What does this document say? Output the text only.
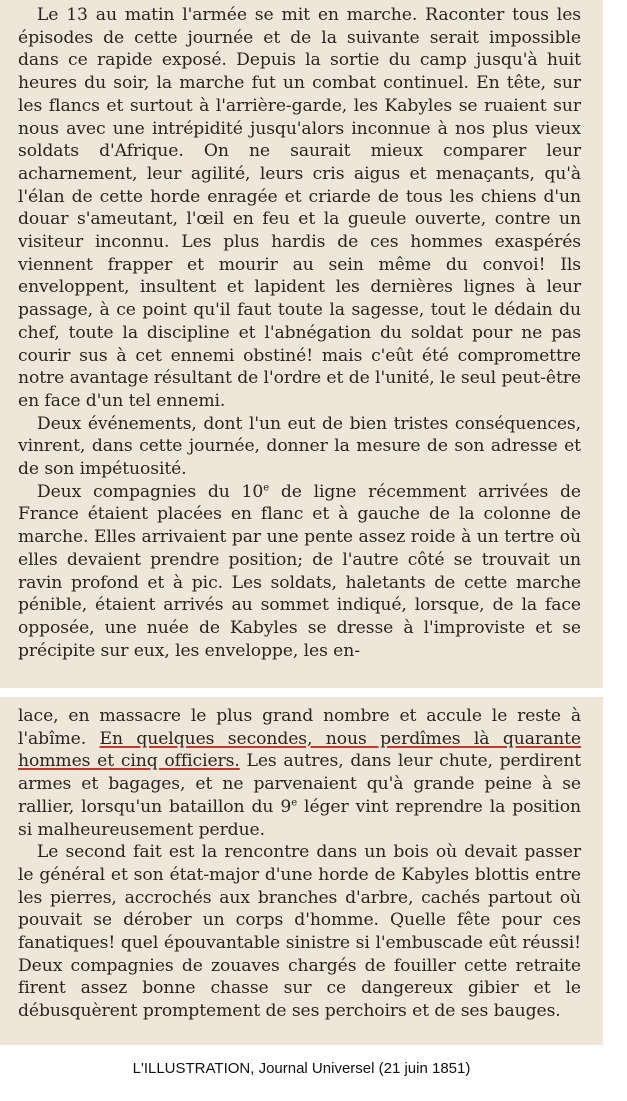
Le 13 au matin l'armée se mit en marche. Raconter tous les épisodes de cette journée et de la suivante serait impossible dans ce rapide exposé. Depuis la sortie du camp jusqu'à huit heures du soir, la marche fut un combat continuel. En tête, sur les flancs et surtout à l'arrière-garde, les Kabyles se ruaient sur nous avec une intrépidité jusqu'alors inconnue à nos plus vieux soldats d'Afrique. On ne saurait mieux comparer leur acharnement, leur agilité, leurs cris aigus et menaçants, qu'à l'élan de cette horde enragée et criarde de tous les chiens d'un douar s'ameutant, l'œil en feu et la gueule ouverte, contre un visiteur inconnu. Les plus hardis de ces hommes exaspérés viennent frapper et mourir au sein même du convoi! Ils enveloppent, insultent et lapident les dernières lignes à leur passage, à ce point qu'il faut toute la sagesse, tout le dédain du chef, toute la discipline et l'abnégation du soldat pour ne pas courir sus à cet ennemi obstiné! mais c'eût été compromettre notre avantage résultant de l'ordre et de l'unité, le seul peut-être en face d'un tel ennemi.

Deux événements, dont l'un eut de bien tristes conséquences, vinrent, dans cette journée, donner la mesure de son adresse et de son impétuosité.

Deux compagnies du 10e de ligne récemment arrivées de France étaient placées en flanc et à gauche de la colonne de marche. Elles arrivaient par une pente assez roide à un tertre où elles devaient prendre position; de l'autre côté se trouvait un ravin profond et à pic. Les soldats, haletants de cette marche pénible, étaient arrivés au sommet indiqué, lorsque, de la face opposée, une nuée de Kabyles se dresse à l'improviste et se précipite sur eux, les enveloppe, les en-

lace, en massacre le plus grand nombre et accule le reste à l'abîme. En quelques secondes, nous perdîmes là quarante hommes et cinq officiers. Les autres, dans leur chute, perdirent armes et bagages, et ne parvenaient qu'à grande peine à se rallier, lorsqu'un bataillon du 9e léger vint reprendre la position si malheureusement perdue.

Le second fait est la rencontre dans un bois où devait passer le général et son état-major d'une horde de Kabyles blottis entre les pierres, accrochés aux branches d'arbre, cachés partout où pouvait se dérober un corps d'homme. Quelle fête pour ces fanatiques! quel épouvantable sinistre si l'embuscade eût réussi! Deux compagnies de zouaves chargés de fouiller cette retraite firent assez bonne chasse sur ce dangereux gibier et le débusquèrent promptement de ses perchoirs et de ses bauges.

L'ILLUSTRATION, Journal Universel (21 juin 1851)
